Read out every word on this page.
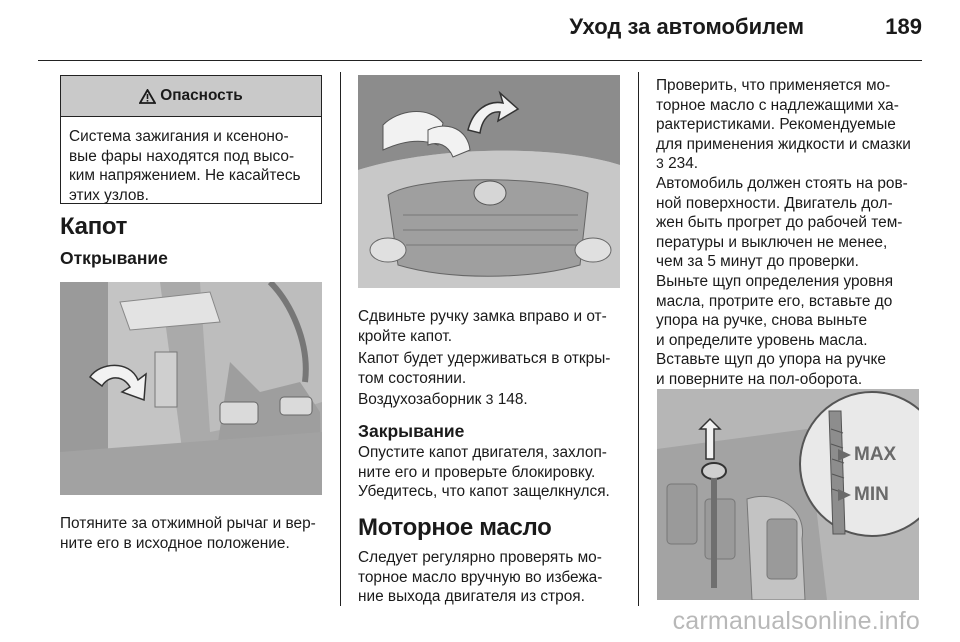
Уход за автомобилем	189
Опасность
Система зажигания и ксеноно-
вые фары находятся под высо-
ким напряжением. Не касайтесь
этих узлов.
Капот
Открывание
Потяните за отжимной рычаг и вер-
ните его в исходное положение.
Сдвиньте ручку замка вправо и от-
кройте капот.
Капот будет удерживаться в откры-
том состоянии.
Воздухозаборник 3 148.
Закрывание
Опустите капот двигателя, захлоп-
ните его и проверьте блокировку.
Убедитесь, что капот защелкнулся.
Моторное масло
Следует регулярно проверять мо-
торное масло вручную во избежа-
ние выхода двигателя из строя.
Проверить, что применяется мо-
торное масло с надлежащими ха-
рактеристиками. Рекомендуемые
для применения жидкости и смазки
3 234.
Автомобиль должен стоять на ров-
ной поверхности. Двигатель дол-
жен быть прогрет до рабочей тем-
пературы и выключен не менее,
чем за 5 минут до проверки.
Выньте щуп определения уровня
масла, протрите его, вставьте до
упора на ручке, снова выньте
и определите уровень масла.
Вставьте щуп до упора на ручке
и поверните на пол-оборота.
MAX
MIN
carmanualsonline.info
